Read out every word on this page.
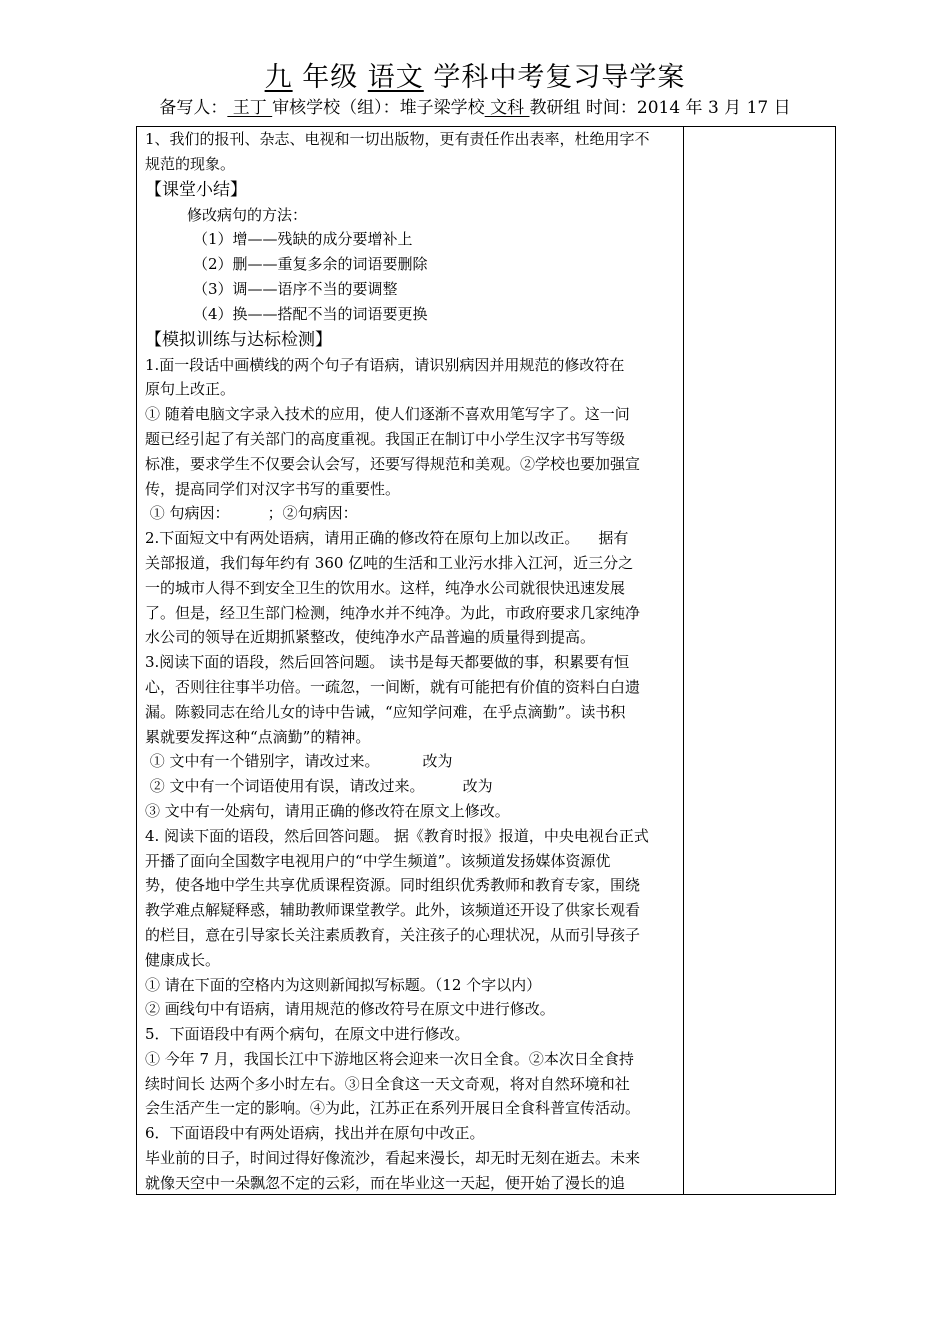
九 年级 语文 学科中考复习导学案
备写人： 王丁 审核学校（组）：堆子梁学校 文科 教研组 时间：2014 年 3 月 17 日
1、我们的报刊、杂志、电视和一切出版物，更有责任作出表率，杜绝用字不
规范的现象。
【课堂小结】
修改病句的方法：
（1）增——残缺的成分要增补上
（2）删——重复多余的词语要删除
（3）调——语序不当的要调整
（4）换——搭配不当的词语要更换
【模拟训练与达标检测】
1.面一段话中画横线的两个句子有语病，请识别病因并用规范的修改符在
原句上改正。
① 随着电脑文字录入技术的应用，使人们逐渐不喜欢用笔写字了。这一问
题已经引起了有关部门的高度重视。我国正在制订中小学生汉字书写等级
标准，要求学生不仅要会认会写，还要写得规范和美观。②学校也要加强宣
传，提高同学们对汉字书写的重要性。
① 句病因：        ；②句病因：
2.下面短文中有两处语病，请用正确的修改符在原句上加以改正。    据有
关部报道，我们每年约有 360 亿吨的生活和工业污水排入江河，近三分之
一的城市人得不到安全卫生的饮用水。这样，纯净水公司就很快迅速发展
了。但是，经卫生部门检测，纯净水并不纯净。为此，市政府要求几家纯净
水公司的领导在近期抓紧整改，使纯净水产品普遍的质量得到提高。
3.阅读下面的语段，然后回答问题。 读书是每天都要做的事，积累要有恒
心，否则往往事半功倍。一疏忽，一间断，就有可能把有价值的资料白白遗
漏。陈毅同志在给儿女的诗中告诫，“应知学问难，在乎点滴勤”。读书积
累就要发挥这种“点滴勤”的精神。
① 文中有一个错别字，请改过来。         改为
② 文中有一个词语使用有误，请改过来。        改为
③ 文中有一处病句，请用正确的修改符在原文上修改。
4. 阅读下面的语段，然后回答问题。 据《教育时报》报道，中央电视台正式
开播了面向全国数字电视用户的“中学生频道”。该频道发扬媒体资源优
势，使各地中学生共享优质课程资源。同时组织优秀教师和教育专家，围绕
教学难点解疑释惑，辅助教师课堂教学。此外，该频道还开设了供家长观看
的栏目，意在引导家长关注素质教育，关注孩子的心理状况，从而引导孩子
健康成长。
① 请在下面的空格内为这则新闻拟写标题。（12 个字以内）
② 画线句中有语病，请用规范的修改符号在原文中进行修改。
5．下面语段中有两个病句，在原文中进行修改。
① 今年 7 月，我国长江中下游地区将会迎来一次日全食。②本次日全食持
续时间长 达两个多小时左右。③日全食这一天文奇观，将对自然环境和社
会生活产生一定的影响。④为此，江苏正在系列开展日全食科普宣传活动。
6．下面语段中有两处语病，找出并在原句中改正。
毕业前的日子，时间过得好像流沙，看起来漫长，却无时无刻在逝去。未来
就像天空中一朵飘忽不定的云彩，而在毕业这一天起，便开始了漫长的追
